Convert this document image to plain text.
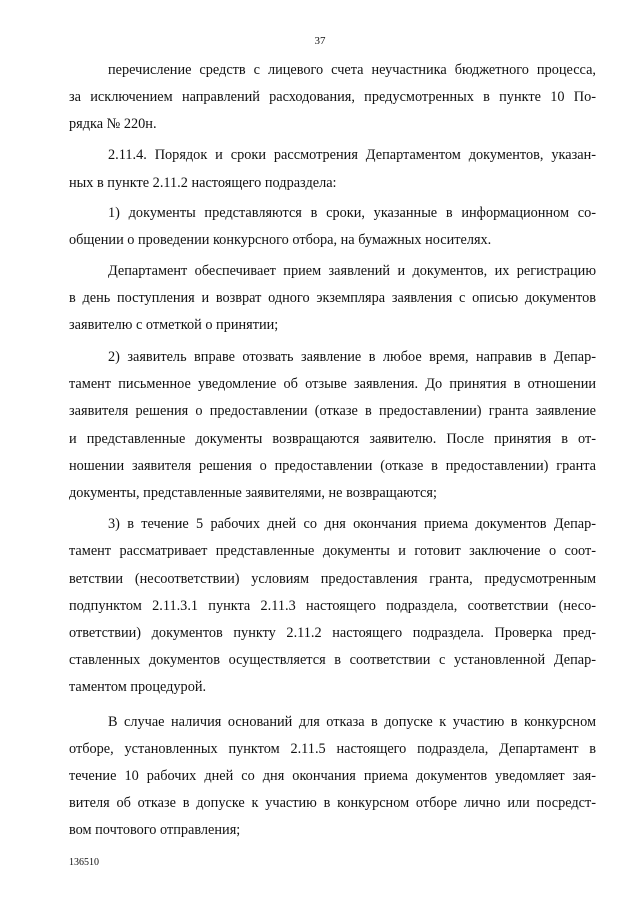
37
перечисление средств с лицевого счета неучастника бюджетного процесса,
за исключением направлений расходования, предусмотренных в пункте 10 По-
рядка № 220н.
2.11.4. Порядок и сроки рассмотрения Департаментом документов, указан-
ных в пункте 2.11.2 настоящего подраздела:
1) документы представляются в сроки, указанные в информационном со-
общении о проведении конкурсного отбора, на бумажных носителях.
Департамент обеспечивает прием заявлений и документов, их регистрацию
в день поступления и возврат одного экземпляра заявления с описью документов
заявителю с отметкой о принятии;
2) заявитель вправе отозвать заявление в любое время, направив в Депар-
тамент письменное уведомление об отзыве заявления. До принятия в отношении
заявителя решения о предоставлении (отказе в предоставлении) гранта заявление
и представленные документы возвращаются заявителю. После принятия в от-
ношении заявителя решения о предоставлении (отказе в предоставлении) гранта
документы, представленные заявителями, не возвращаются;
3) в течение 5 рабочих дней со дня окончания приема документов Депар-
тамент рассматривает представленные документы и готовит заключение о соот-
ветствии (несоответствии) условиям предоставления гранта, предусмотренным
подпунктом 2.11.3.1 пункта 2.11.3 настоящего подраздела, соответствии (несо-
ответствии) документов пункту 2.11.2 настоящего подраздела. Проверка пред-
ставленных документов осуществляется в соответствии с установленной Депар-
таментом процедурой.
В случае наличия оснований для отказа в допуске к участию в конкурсном
отборе, установленных пунктом 2.11.5 настоящего подраздела, Департамент в
течение 10 рабочих дней со дня окончания приема документов уведомляет зая-
вителя об отказе в допуске к участию в конкурсном отборе лично или посредст-
вом почтового отправления;
136510
